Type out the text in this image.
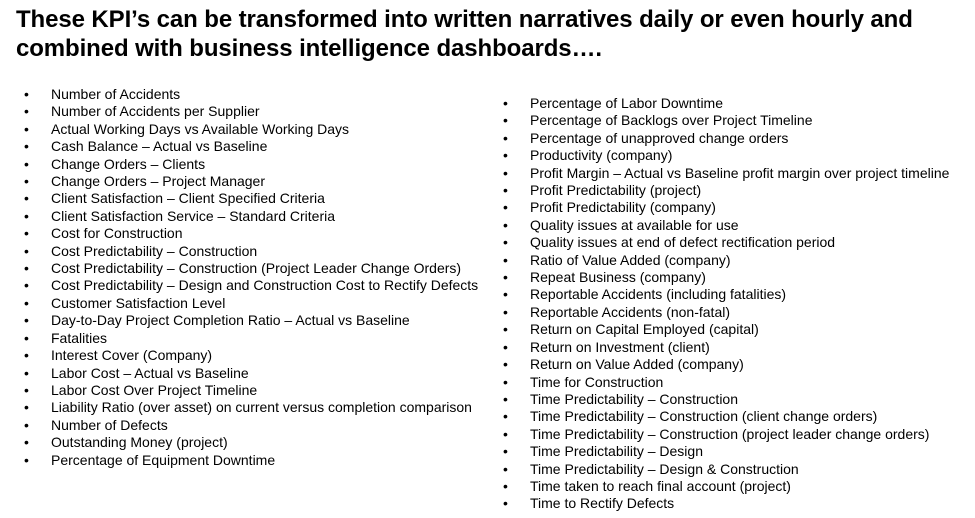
These KPI’s can be transformed into written narratives daily or even hourly and combined with business intelligence dashboards….
• Number of Accidents
• Number of Accidents per Supplier
• Actual Working Days vs Available Working Days
• Cash Balance – Actual vs Baseline
• Change Orders – Clients
• Change Orders – Project Manager
• Client Satisfaction – Client Specified Criteria
• Client Satisfaction Service – Standard Criteria
• Cost for Construction
• Cost Predictability – Construction
• Cost Predictability – Construction (Project Leader Change Orders)
• Cost Predictability – Design and Construction Cost to Rectify Defects
• Customer Satisfaction Level
• Day-to-Day Project Completion Ratio – Actual vs Baseline
• Fatalities
• Interest Cover (Company)
• Labor Cost – Actual vs Baseline
• Labor Cost Over Project Timeline
• Liability Ratio (over asset) on current versus completion comparison
• Number of Defects
• Outstanding Money (project)
• Percentage of Equipment Downtime
• Percentage of Labor Downtime
• Percentage of Backlogs over Project Timeline
• Percentage of unapproved change orders
• Productivity (company)
• Profit Margin – Actual vs Baseline profit margin over project timeline
• Profit Predictability (project)
• Profit Predictability (company)
• Quality issues at available for use
• Quality issues at end of defect rectification period
• Ratio of Value Added (company)
• Repeat Business (company)
• Reportable Accidents (including fatalities)
• Reportable Accidents (non-fatal)
• Return on Capital Employed (capital)
• Return on Investment (client)
• Return on Value Added (company)
• Time for Construction
• Time Predictability – Construction
• Time Predictability – Construction (client change orders)
• Time Predictability – Construction (project leader change orders)
• Time Predictability – Design
• Time Predictability – Design & Construction
• Time taken to reach final account (project)
• Time to Rectify Defects
